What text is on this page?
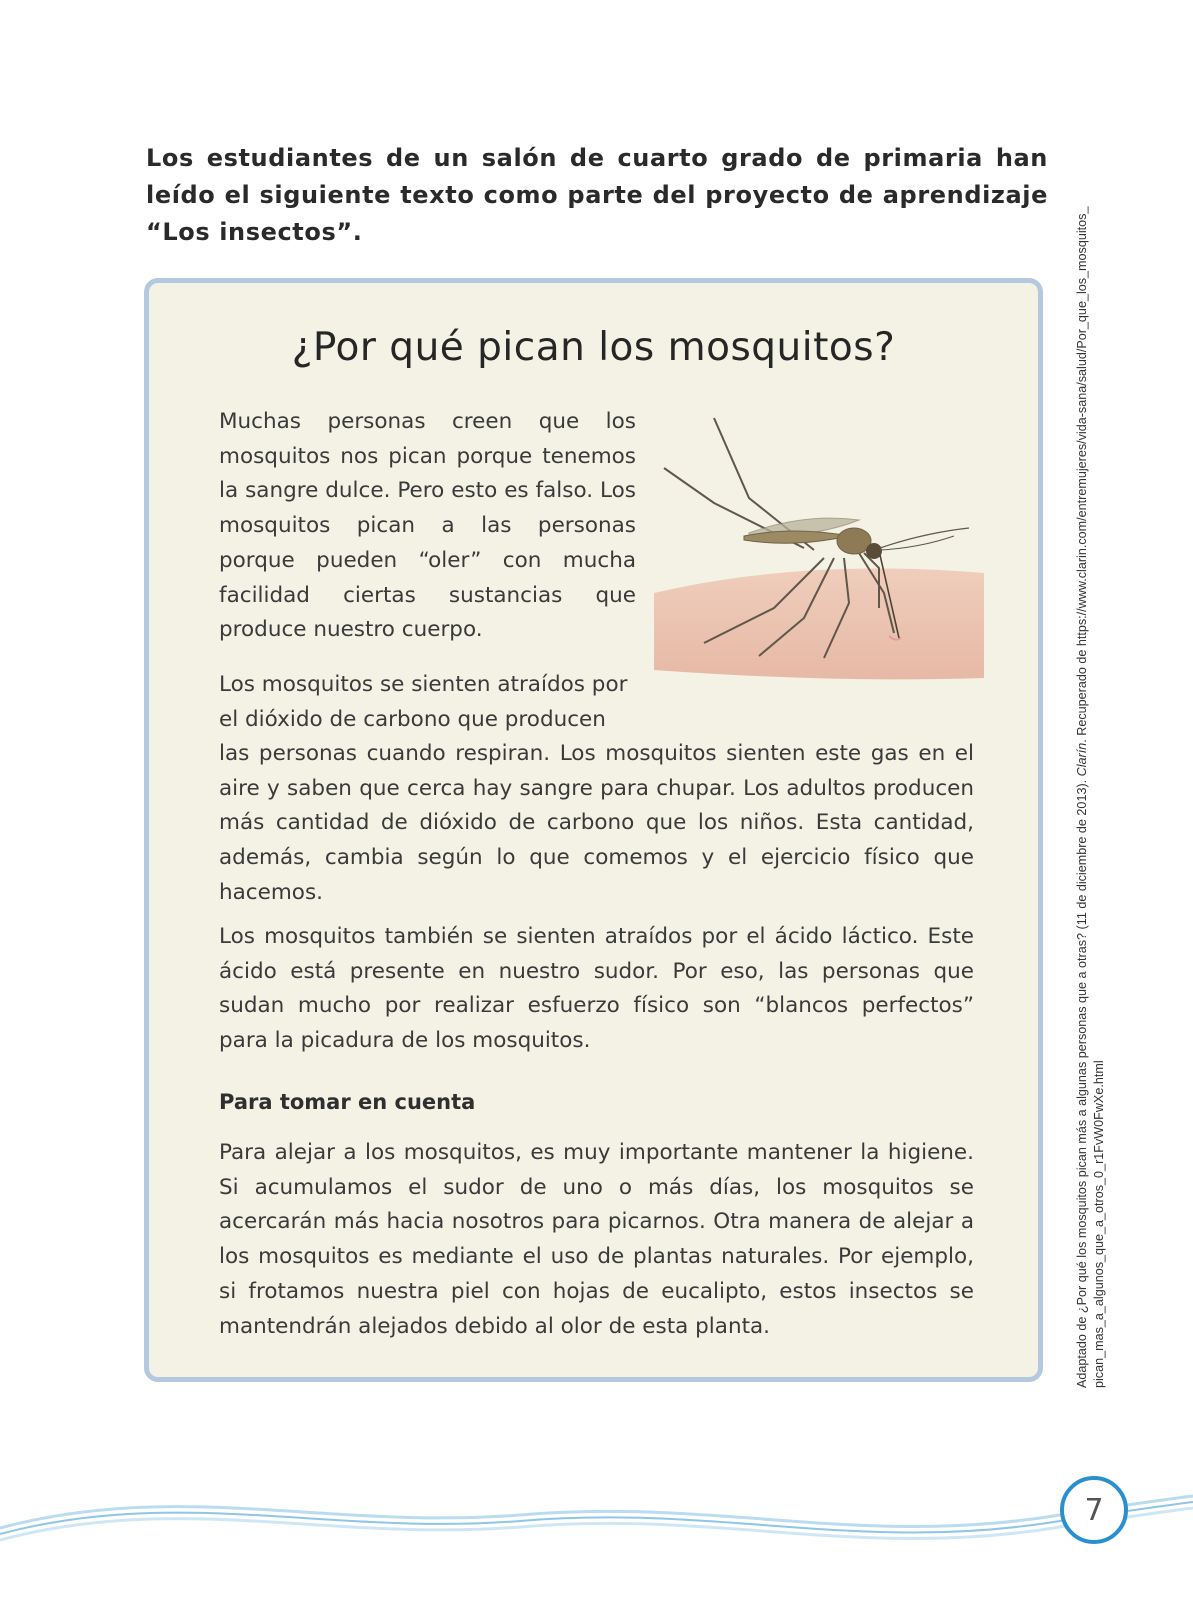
Los estudiantes de un salón de cuarto grado de primaria han leído el siguiente texto como parte del proyecto de aprendizaje “Los insectos”.

¿Por qué pican los mosquitos?

Muchas personas creen que los mosquitos nos pican porque tenemos la sangre dulce. Pero esto es falso. Los mosquitos pican a las personas porque pueden “oler” con mucha facilidad ciertas sustancias que produce nuestro cuerpo.

Los mosquitos se sienten atraídos por el dióxido de carbono que producen

las personas cuando respiran. Los mosquitos sienten este gas en el aire y saben que cerca hay sangre para chupar. Los adultos producen más cantidad de dióxido de carbono que los niños. Esta cantidad, además, cambia según lo que comemos y el ejercicio físico que hacemos.

Los mosquitos también se sienten atraídos por el ácido láctico. Este ácido está presente en nuestro sudor. Por eso, las personas que sudan mucho por realizar esfuerzo físico son “blancos perfectos” para la picadura de los mosquitos.

Para tomar en cuenta

Para alejar a los mosquitos, es muy importante mantener la higiene. Si acumulamos el sudor de uno o más días, los mosquitos se acercarán más hacia nosotros para picarnos. Otra manera de alejar a los mosquitos es mediante el uso de plantas naturales. Por ejemplo, si frotamos nuestra piel con hojas de eucalipto, estos insectos se mantendrán alejados debido al olor de esta planta.	Adaptado de ¿Por qué los mosquitos pican más a algunas personas que a otras? (11 de diciembre de 2013). Clarín. Recuperado de https://www.clarin.com/entremujeres/vida-sana/salud/Por_que_los_mosquitos_
pican_mas_a_algunos_que_a_otros_0_r1FvW0FwXe.html
7
